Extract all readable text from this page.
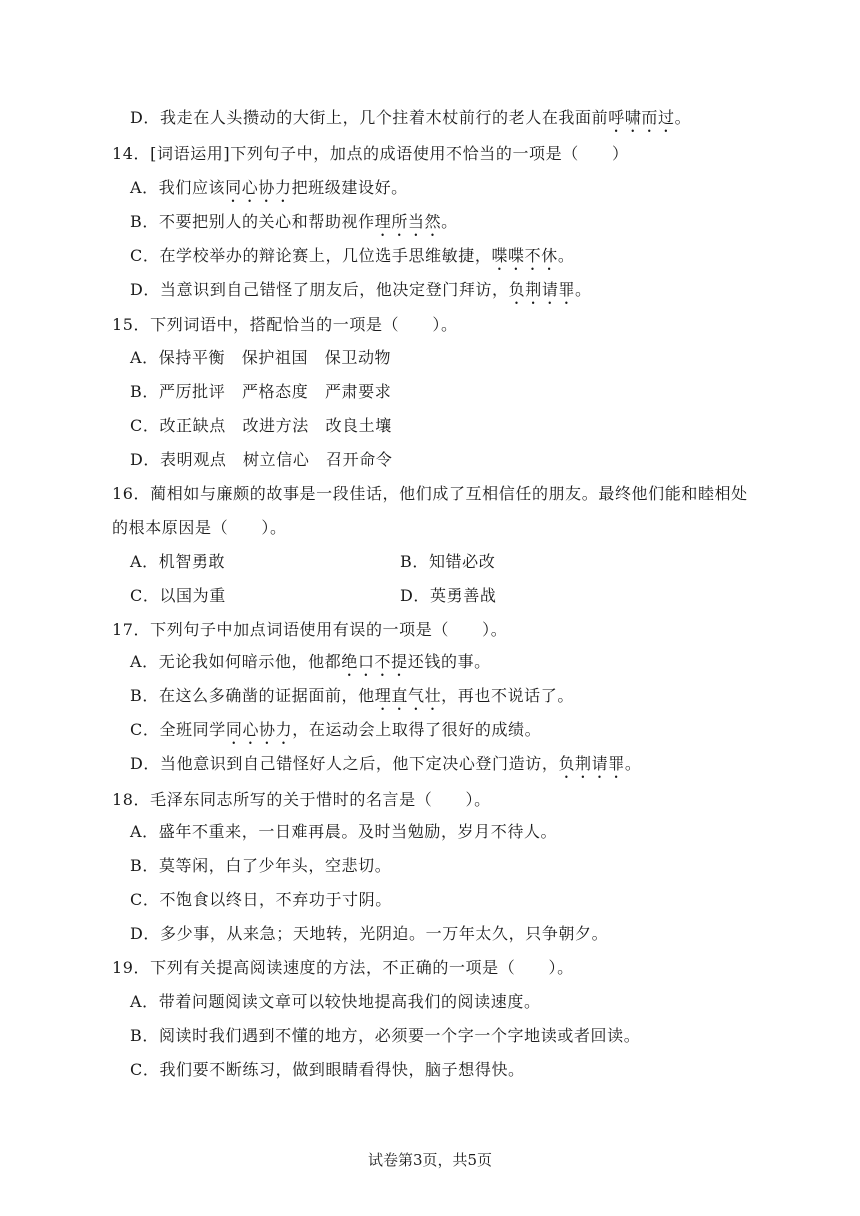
D．我走在人头攒动的大街上，几个拄着木杖前行的老人在我面前呼啸而过。
14．[词语运用]下列句子中，加点的成语使用不恰当的一项是（　　）
A．我们应该同心协力把班级建设好。
B．不要把别人的关心和帮助视作理所当然。
C．在学校举办的辩论赛上，几位选手思维敏捷，喋喋不休。
D．当意识到自己错怪了朋友后，他决定登门拜访，负荆请罪。
15．下列词语中，搭配恰当的一项是（　　）。
A．保持平衡　保护祖国　保卫动物
B．严厉批评　严格态度　严肃要求
C．改正缺点　改进方法　改良土壤
D．表明观点　树立信心　召开命令
16．蔺相如与廉颇的故事是一段佳话，他们成了互相信任的朋友。最终他们能和睦相处
的根本原因是（　　）。
A．机智勇敢	B．知错必改
C．以国为重	D．英勇善战
17．下列句子中加点词语使用有误的一项是（　　）。
A．无论我如何暗示他，他都绝口不提还钱的事。
B．在这么多确凿的证据面前，他理直气壮，再也不说话了。
C．全班同学同心协力，在运动会上取得了很好的成绩。
D．当他意识到自己错怪好人之后，他下定决心登门造访，负荆请罪。
18．毛泽东同志所写的关于惜时的名言是（　　）。
A．盛年不重来，一日难再晨。及时当勉励，岁月不待人。
B．莫等闲，白了少年头，空悲切。
C．不饱食以终日，不弃功于寸阴。
D．多少事，从来急；天地转，光阴迫。一万年太久，只争朝夕。
19．下列有关提高阅读速度的方法，不正确的一项是（　　）。
A．带着问题阅读文章可以较快地提高我们的阅读速度。
B．阅读时我们遇到不懂的地方，必须要一个字一个字地读或者回读。
C．我们要不断练习，做到眼睛看得快，脑子想得快。
试卷第3页，共5页
